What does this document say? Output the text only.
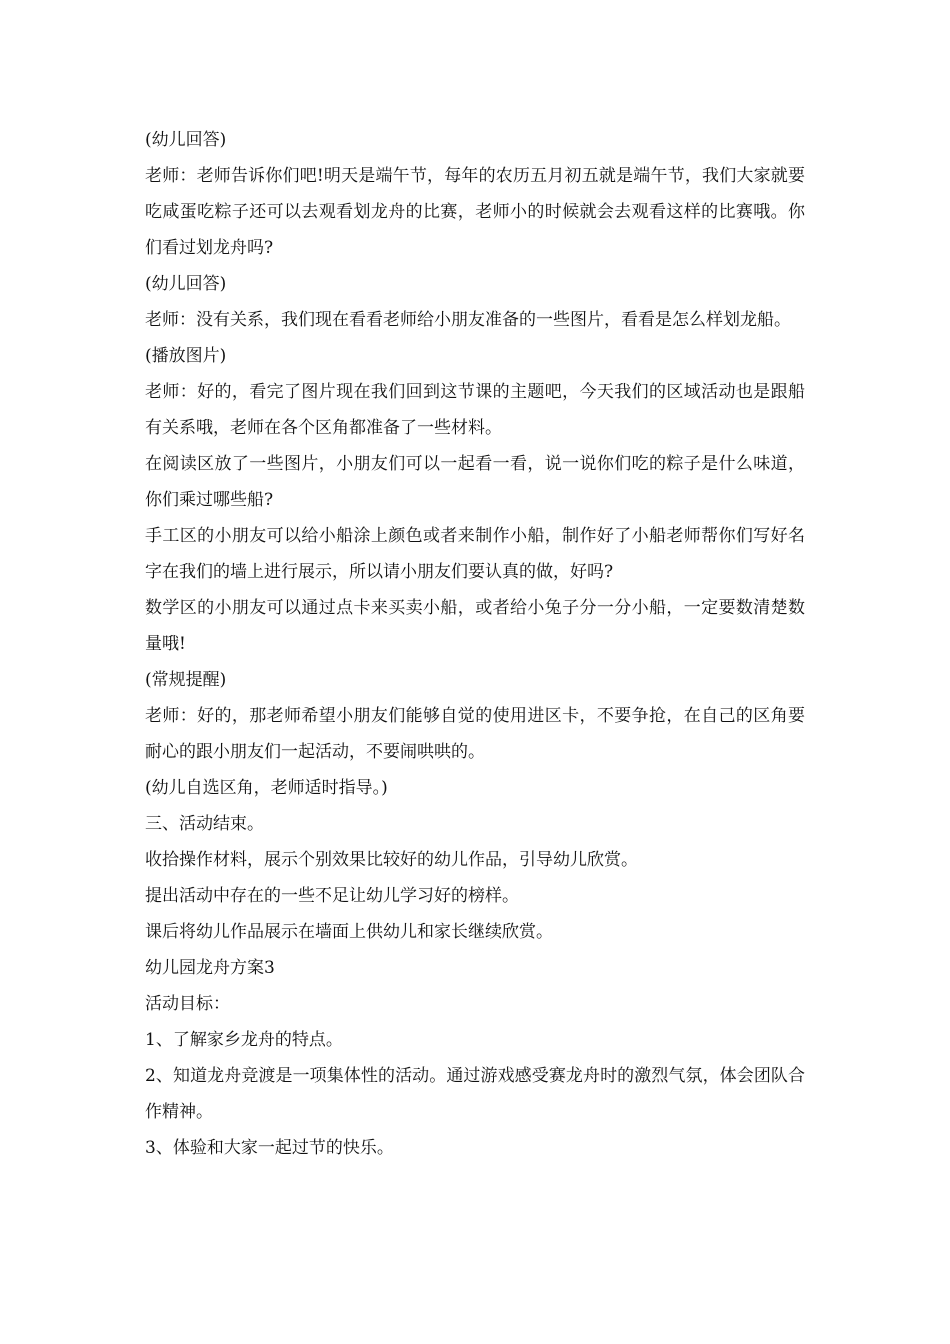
(幼儿回答)

老师：老师告诉你们吧!明天是端午节，每年的农历五月初五就是端午节，我们大家就要吃咸蛋吃粽子还可以去观看划龙舟的比赛，老师小的时候就会去观看这样的比赛哦。你们看过划龙舟吗?

(幼儿回答)

老师：没有关系，我们现在看看老师给小朋友准备的一些图片，看看是怎么样划龙船。

(播放图片)

老师：好的，看完了图片现在我们回到这节课的主题吧，今天我们的区域活动也是跟船有关系哦，老师在各个区角都准备了一些材料。

在阅读区放了一些图片，小朋友们可以一起看一看，说一说你们吃的粽子是什么味道，你们乘过哪些船?

手工区的小朋友可以给小船涂上颜色或者来制作小船，制作好了小船老师帮你们写好名字在我们的墙上进行展示，所以请小朋友们要认真的做，好吗?

数学区的小朋友可以通过点卡来买卖小船，或者给小兔子分一分小船，一定要数清楚数量哦!

(常规提醒)

老师：好的，那老师希望小朋友们能够自觉的使用进区卡，不要争抢，在自己的区角要耐心的跟小朋友们一起活动，不要闹哄哄的。

(幼儿自选区角，老师适时指导。)

三、活动结束。

收拾操作材料，展示个别效果比较好的幼儿作品，引导幼儿欣赏。

提出活动中存在的一些不足让幼儿学习好的榜样。

课后将幼儿作品展示在墙面上供幼儿和家长继续欣赏。

幼儿园龙舟方案3

活动目标：

1、了解家乡龙舟的特点。

2、知道龙舟竞渡是一项集体性的活动。通过游戏感受赛龙舟时的激烈气氛，体会团队合作精神。

3、体验和大家一起过节的快乐。
